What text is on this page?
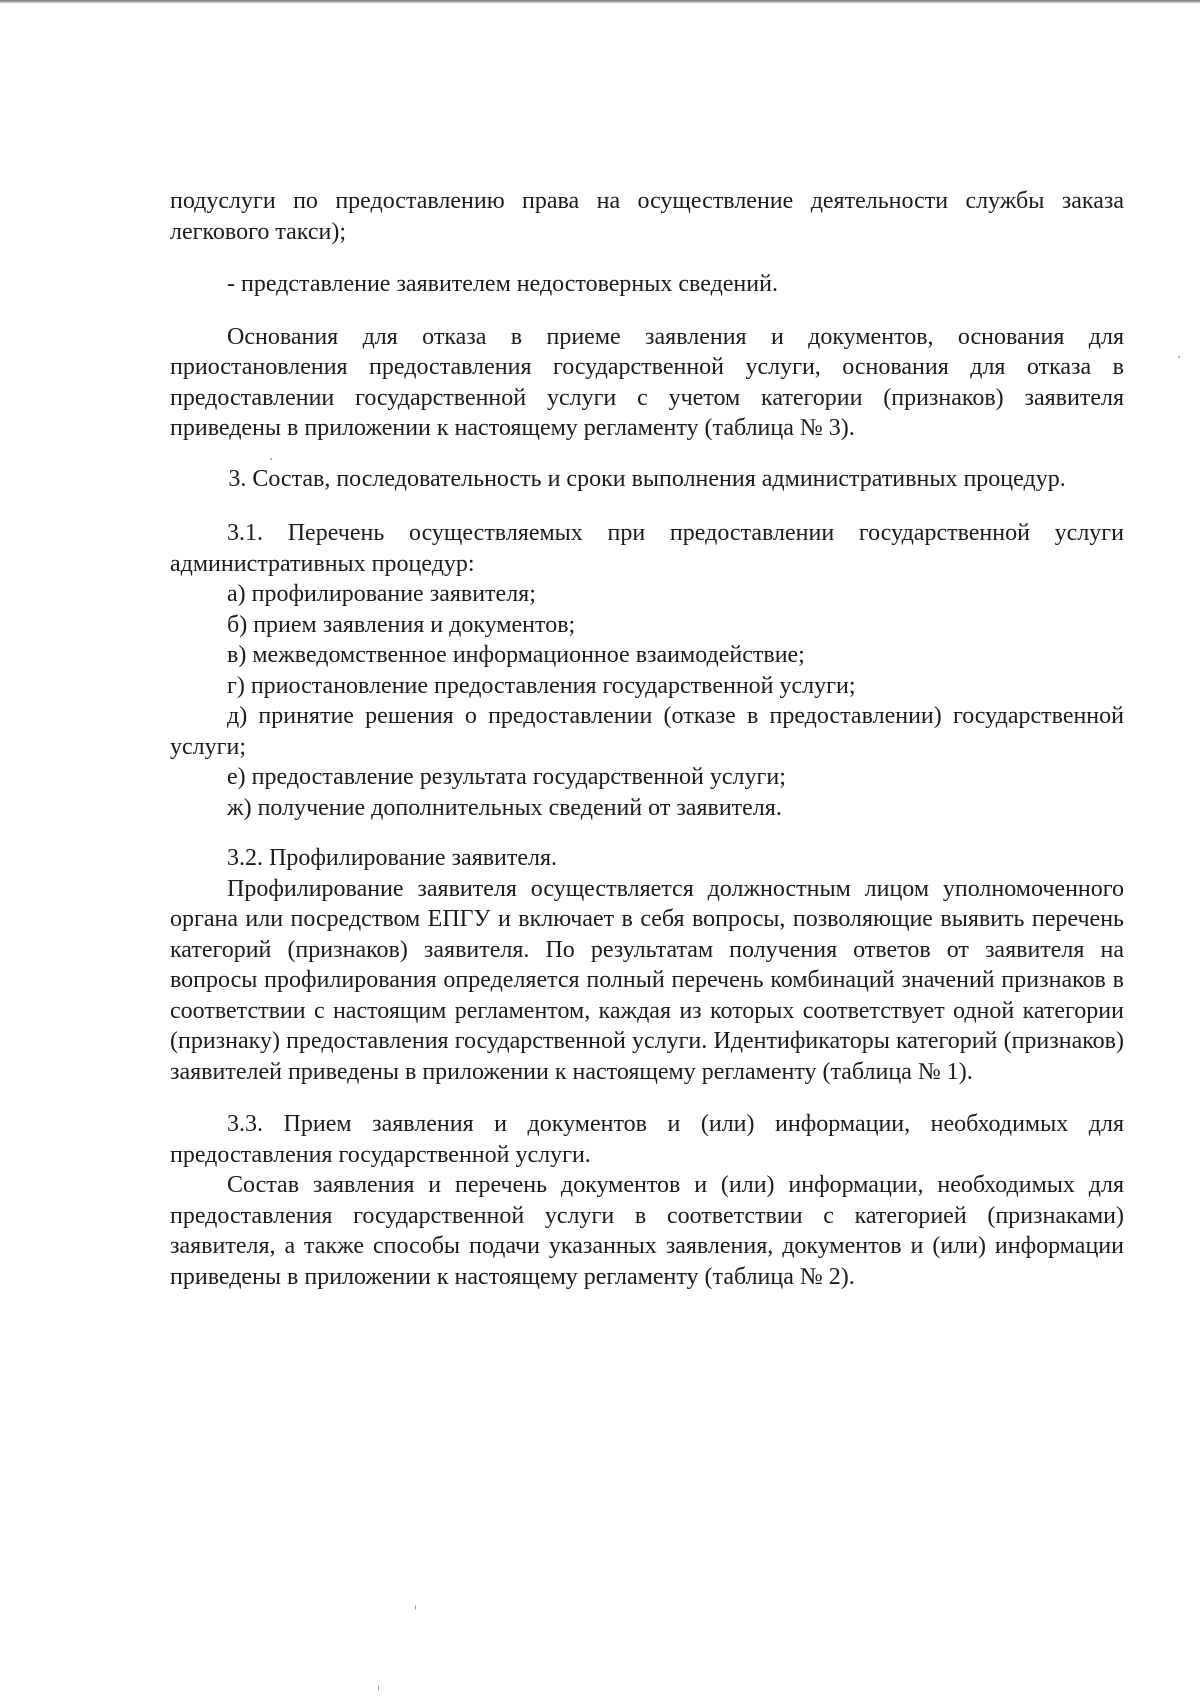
подуслуги по предоставлению права на осуществление деятельности службы заказа легкового такси);

- представление заявителем недостоверных сведений.

Основания для отказа в приеме заявления и документов, основания для приостановления предоставления государственной услуги, основания для отказа в предоставлении государственной услуги с учетом категории (признаков) заявителя приведены в приложении к настоящему регламенту (таблица № 3).

3. Состав, последовательность и сроки выполнения административных процедур.

3.1. Перечень осуществляемых при предоставлении государственной услуги административных процедур:

а) профилирование заявителя;

б) прием заявления и документов;

в) межведомственное информационное взаимодействие;

г) приостановление предоставления государственной услуги;

д) принятие решения о предоставлении (отказе в предоставлении) государственной услуги;

е) предоставление результата государственной услуги;

ж) получение дополнительных сведений от заявителя.

3.2. Профилирование заявителя.

Профилирование заявителя осуществляется должностным лицом уполномоченного органа или посредством ЕПГУ и включает в себя вопросы, позволяющие выявить перечень категорий (признаков) заявителя. По результатам получения ответов от заявителя на вопросы профилирования определяется полный перечень комбинаций значений признаков в соответствии с настоящим регламентом, каждая из которых соответствует одной категории (признаку) предоставления государственной услуги. Идентификаторы категорий (признаков) заявителей приведены в приложении к настоящему регламенту (таблица № 1).

3.3. Прием заявления и документов и (или) информации, необходимых для предоставления государственной услуги.

Состав заявления и перечень документов и (или) информации, необходимых для предоставления государственной услуги в соответствии с категорией (признаками) заявителя, а также способы подачи указанных заявления, документов и (или) информации приведены в приложении к настоящему регламенту (таблица № 2).
